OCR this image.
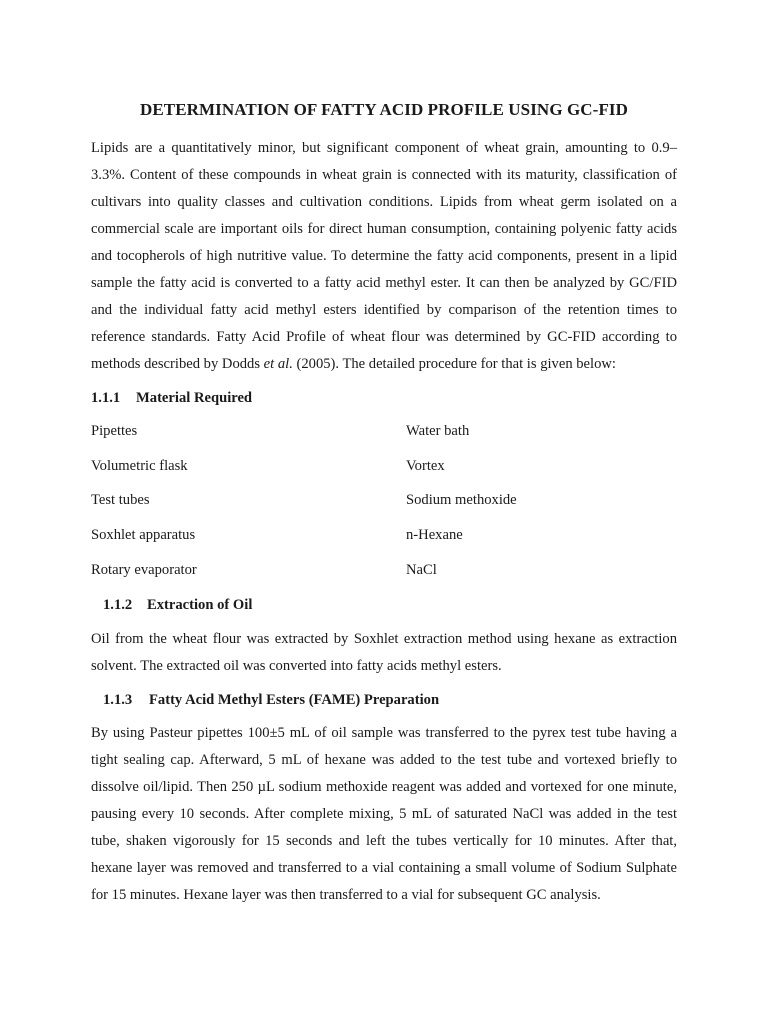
DETERMINATION OF FATTY ACID PROFILE USING GC-FID

Lipids are a quantitatively minor, but significant component of wheat grain, amounting to 0.9–3.3%. Content of these compounds in wheat grain is connected with its maturity, classification of cultivars into quality classes and cultivation conditions. Lipids from wheat germ isolated on a commercial scale are important oils for direct human consumption, containing polyenic fatty acids and tocopherols of high nutritive value. To determine the fatty acid components, present in a lipid sample the fatty acid is converted to a fatty acid methyl ester. It can then be analyzed by GC/FID and the individual fatty acid methyl esters identified by comparison of the retention times to reference standards. Fatty Acid Profile of wheat flour was determined by GC-FID according to methods described by Dodds et al. (2005). The detailed procedure for that is given below:

1.1.1 Material Required
Pipettes	Water bath
Volumetric flask	Vortex
Test tubes	Sodium methoxide
Soxhlet apparatus	n-Hexane
Rotary evaporator	NaCl
1.1.2 Extraction of Oil

Oil from the wheat flour was extracted by Soxhlet extraction method using hexane as extraction solvent. The extracted oil was converted into fatty acids methyl esters.

1.1.3 Fatty Acid Methyl Esters (FAME) Preparation

By using Pasteur pipettes 100±5 mL of oil sample was transferred to the pyrex test tube having a tight sealing cap. Afterward, 5 mL of hexane was added to the test tube and vortexed briefly to dissolve oil/lipid. Then 250 µL sodium methoxide reagent was added and vortexed for one minute, pausing every 10 seconds. After complete mixing, 5 mL of saturated NaCl was added in the test tube, shaken vigorously for 15 seconds and left the tubes vertically for 10 minutes. After that, hexane layer was removed and transferred to a vial containing a small volume of Sodium Sulphate for 15 minutes. Hexane layer was then transferred to a vial for subsequent GC analysis.
